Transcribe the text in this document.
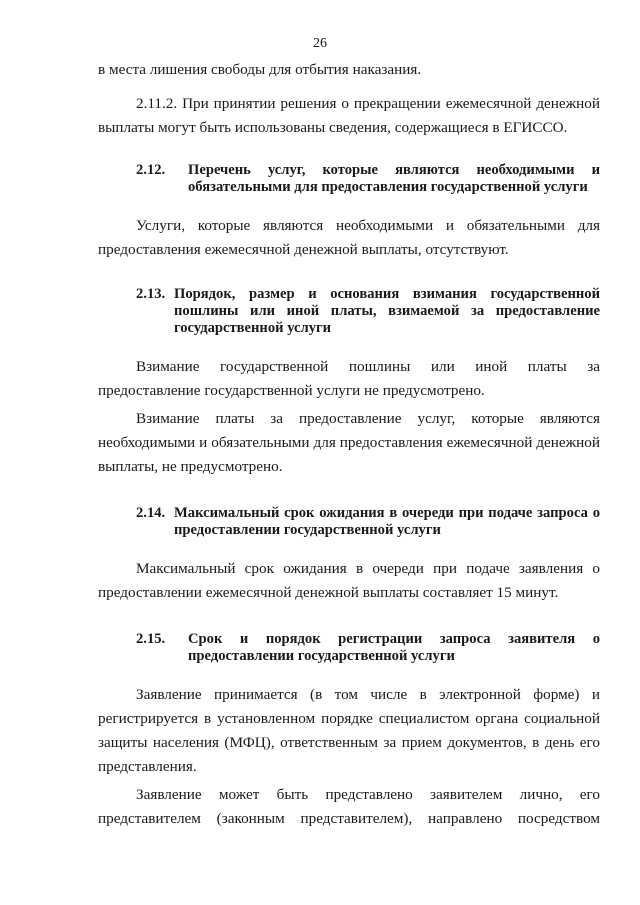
26

в места лишения свободы для отбытия наказания.

2.11.2. При принятии решения о прекращении ежемесячной денежной выплаты могут быть использованы сведения, содержащиеся в ЕГИССО.

2.12.	Перечень услуг, которые являются необходимыми и обязательными для предоставления государственной услуги

Услуги, которые являются необходимыми и обязательными для предоставления ежемесячной денежной выплаты, отсутствуют.

2.13. Порядок, размер и основания взимания государственной пошлины или иной платы, взимаемой за предоставление государственной услуги

Взимание государственной пошлины или иной платы за предоставление государственной услуги не предусмотрено.

Взимание платы за предоставление услуг, которые являются необходимыми и обязательными для предоставления ежемесячной денежной выплаты, не предусмотрено.

2.14. Максимальный срок ожидания в очереди при подаче запроса о предоставлении государственной услуги

Максимальный срок ожидания в очереди при подаче заявления о предоставлении ежемесячной денежной выплаты составляет 15 минут.

2.15.	Срок и порядок регистрации запроса заявителя о предоставлении государственной услуги

Заявление принимается (в том числе в электронной форме) и регистрируется в установленном порядке специалистом органа социальной защиты населения (МФЦ), ответственным за прием документов, в день его представления.

Заявление может быть представлено заявителем лично, его представителем (законным представителем), направлено посредством
